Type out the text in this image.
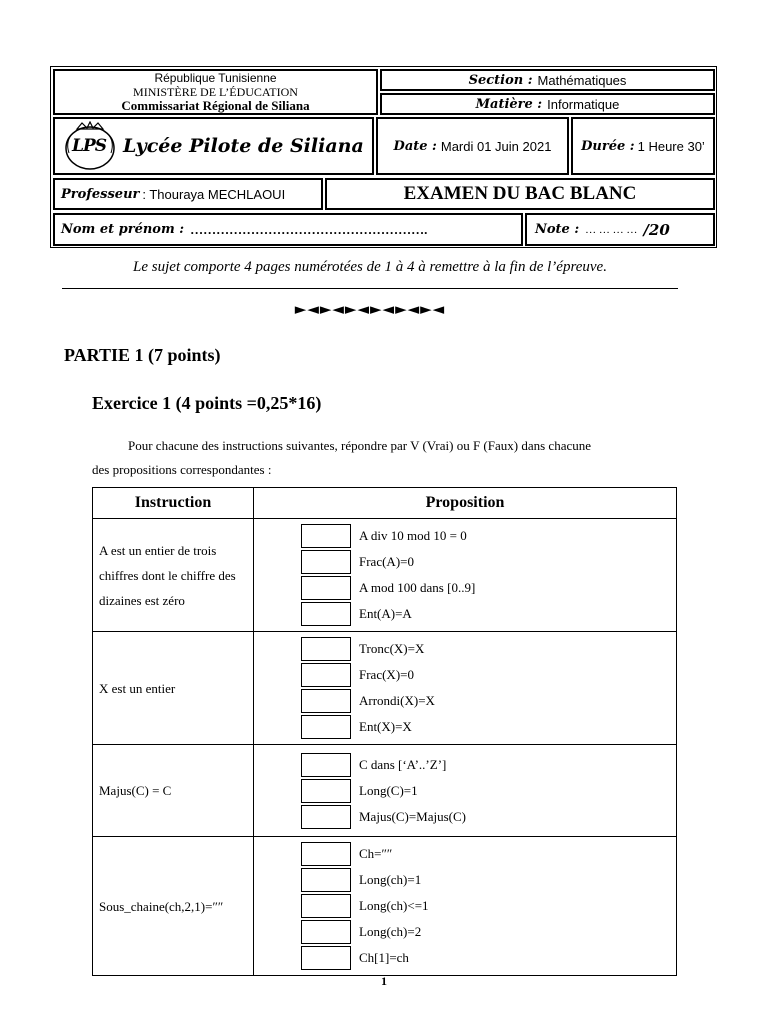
République Tunisienne
MINISTÈRE DE L’ÉDUCATION
Commissariat Régional de Siliana
Section : Mathématiques
Matière : Informatique
LPS Lycée Pilote de Siliana Date : Mardi 01 Juin 2021 Durée : 1 Heure 30’
Professeur : Thouraya MECHLAOUI	EXAMEN DU BAC BLANC
Nom et prénom : ……………………………………………….	Note : … … … … /20
Le sujet comporte 4 pages numérotées de 1 à 4 à remettre à la fin de l’épreuve.
►◄►◄►◄►◄►◄►◄
PARTIE 1 (7 points)
Exercice 1 (4 points =0,25*16)
Pour chacune des instructions suivantes, répondre par V (Vrai) ou F (Faux) dans chacune
des propositions correspondantes :
Instruction	Proposition
A est un entier de trois chiffres dont le chiffre des dizaines est zéro	A div 10 mod 10 = 0
Frac(A)=0
A mod 100 dans [0..9]
Ent(A)=A

X est un entier	Tronc(X)=X
Frac(X)=0
Arrondi(X)=X
Ent(X)=X

Majus(C) = C	C dans [‘A’..’Z’]
Long(C)=1
Majus(C)=Majus(C)

Sous_chaine(ch,2,1)=″″	Ch=″″
Long(ch)=1
Long(ch)<=1
Long(ch)=2
Ch[1]=ch
1
